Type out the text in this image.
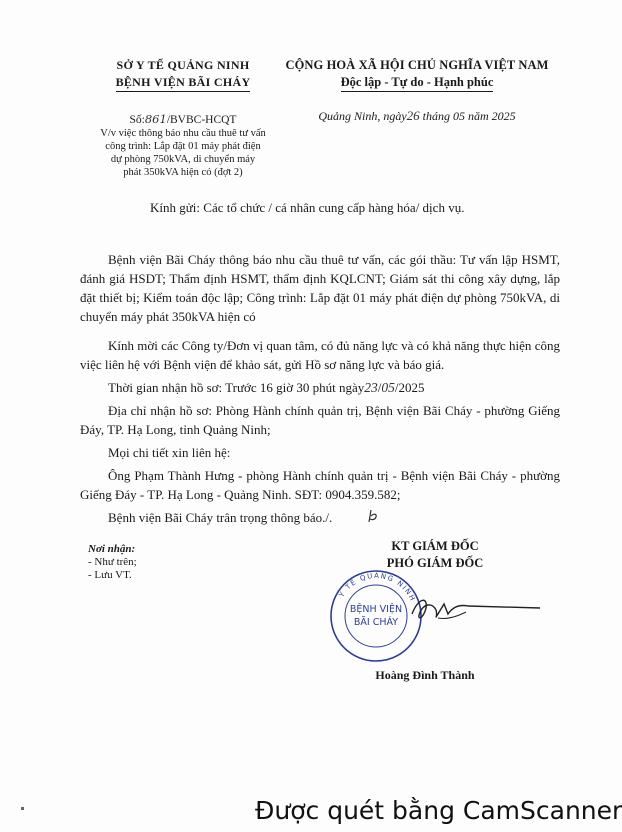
SỞ Y TẾ QUẢNG NINH
BỆNH VIỆN BÃI CHÁY
Số:861/BVBC-HCQT
V/v việc thông báo nhu cầu thuê tư vấn
công trình: Lắp đặt 01 máy phát điện
dự phòng 750kVA, di chuyển máy
phát 350kVA hiện có (đợt 2)
CỘNG HOÀ XÃ HỘI CHỦ NGHĨA VIỆT NAM
Độc lập - Tự do - Hạnh phúc
Quảng Ninh, ngày26 tháng 05 năm 2025
Kính gửi: Các tổ chức / cá nhân cung cấp hàng hóa/ dịch vụ.

Bệnh viện Bãi Cháy thông báo nhu cầu thuê tư vấn, các gói thầu: Tư vấn lập HSMT, đánh giá HSDT; Thẩm định HSMT, thẩm định KQLCNT; Giám sát thi công xây dựng, lắp đặt thiết bị; Kiểm toán độc lập; Công trình: Lắp đặt 01 máy phát điện dự phòng 750kVA, di chuyển máy phát 350kVA hiện có

Kính mời các Công ty/Đơn vị quan tâm, có đủ năng lực và có khả năng thực hiện công việc liên hệ với Bệnh viện để khảo sát, gửi Hồ sơ năng lực và báo giá.

Thời gian nhận hồ sơ: Trước 16 giờ 30 phút ngày23/05/2025

Địa chỉ nhận hồ sơ: Phòng Hành chính quản trị, Bệnh viện Bãi Cháy - phường Giếng Đáy, TP. Hạ Long, tỉnh Quảng Ninh;

Mọi chi tiết xin liên hệ:

Ông Phạm Thành Hưng - phòng Hành chính quản trị - Bệnh viện Bãi Cháy - phường Giếng Đáy - TP. Hạ Long - Quảng Ninh. SĐT: 0904.359.582;

Bệnh viện Bãi Cháy trân trọng thông báo./.

Nơi nhận:
- Như trên;
- Lưu VT.
KT GIÁM ĐỐC
PHÓ GIÁM ĐỐC
Y TẾ QUẢNG NINH
BỆNH VIỆN
BÃI CHÁY
Hoàng Đình Thành
Được quét bằng CamScanner
